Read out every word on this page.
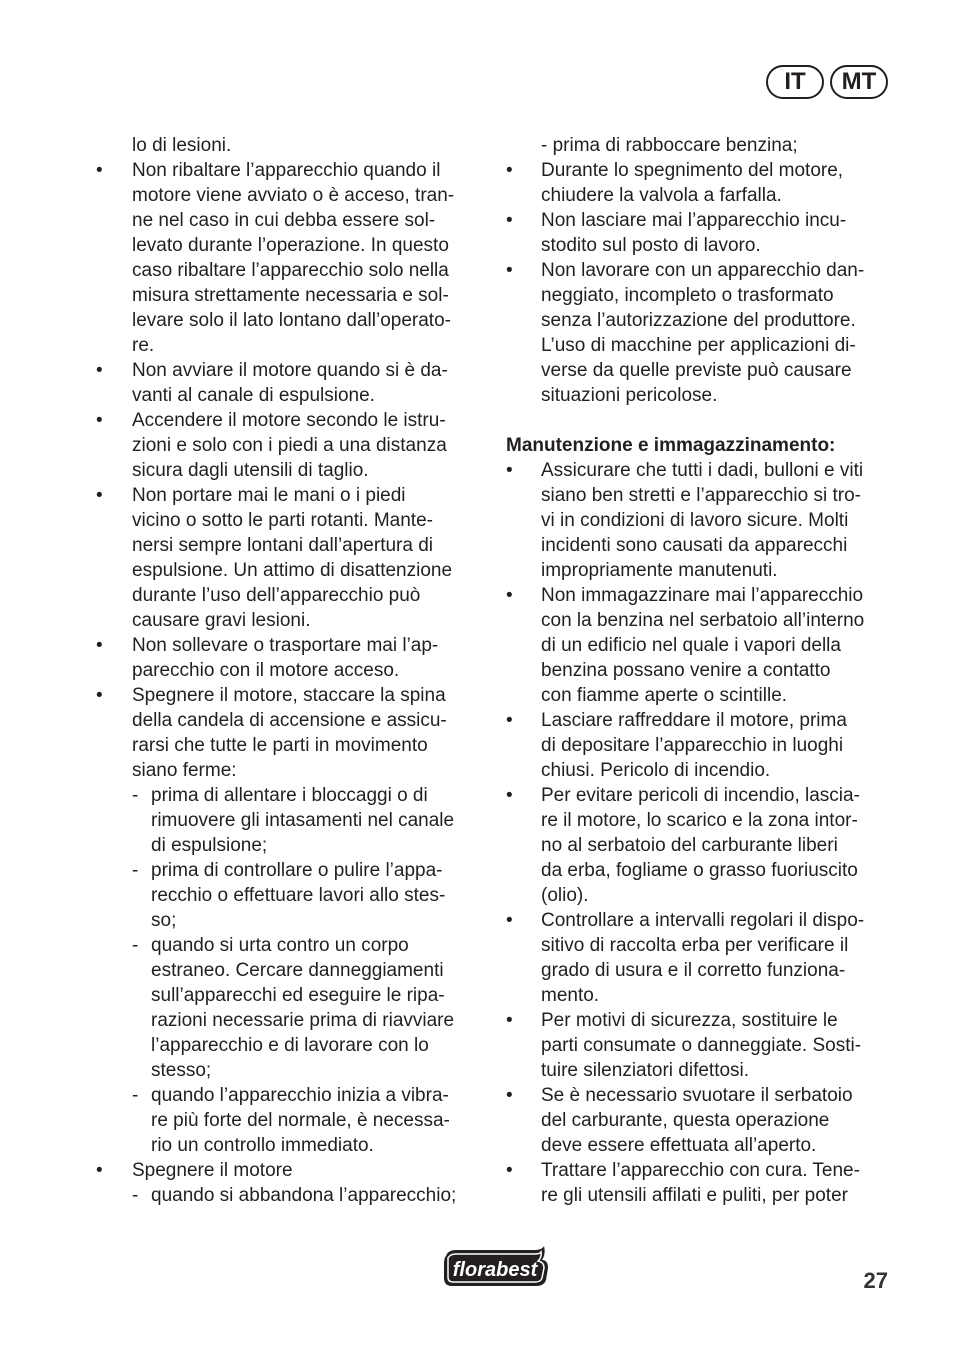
IT	MT
lo di lesioni.
• Non ribaltare l’apparecchio quando il
motore viene avviato o è acceso, tran-
ne nel caso in cui debba essere sol-
levato durante l’operazione. In questo
caso ribaltare l’apparecchio solo nella
misura strettamente necessaria e sol-
levare solo il lato lontano dall’operato-
re.
• Non avviare il motore quando si è da-
vanti al canale di espulsione.
• Accendere il motore secondo le istru-
zioni e solo con i piedi a una distanza
sicura dagli utensili di taglio.
• Non portare mai le mani o i piedi
vicino o sotto le parti rotanti. Mante-
nersi sempre lontani dall’apertura di
espulsione. Un attimo di disattenzione
durante l’uso dell’apparecchio può
causare gravi lesioni.
• Non sollevare o trasportare mai l’ap-
parecchio con il motore acceso.
• Spegnere il motore, staccare la spina
della candela di accensione e assicu-
rarsi che tutte le parti in movimento
siano ferme:
- prima di allentare i bloccaggi o di
rimuovere gli intasamenti nel canale
di espulsione;
- prima di controllare o pulire l’appa-
recchio o effettuare lavori allo stes-
so;
- quando si urta contro un corpo
estraneo. Cercare danneggiamenti
sull’apparecchi ed eseguire le ripa-
razioni necessarie prima di riavviare
l’apparecchio e di lavorare con lo
stesso;
- quando l’apparecchio inizia a vibra-
re più forte del normale, è necessa-
rio un controllo immediato.
• Spegnere il motore
- quando si abbandona l’apparecchio;
- prima di rabboccare benzina;
• Durante lo spegnimento del motore,
chiudere la valvola a farfalla.
• Non lasciare mai l’apparecchio incu-
stodito sul posto di lavoro.
• Non lavorare con un apparecchio dan-
neggiato, incompleto o trasformato
senza l’autorizzazione del produttore.
L’uso di macchine per applicazioni di-
verse da quelle previste può causare
situazioni pericolose.
Manutenzione e immagazzinamento:
• Assicurare che tutti i dadi, bulloni e viti
siano ben stretti e l’apparecchio si tro-
vi in condizioni di lavoro sicure. Molti
incidenti sono causati da apparecchi
impropriamente manutenuti.
• Non immagazzinare mai l’apparecchio
con la benzina nel serbatoio all’interno
di un edificio nel quale i vapori della
benzina possano venire a contatto
con fiamme aperte o scintille.
• Lasciare raffreddare il motore, prima
di depositare l’apparecchio in luoghi
chiusi. Pericolo di incendio.
• Per evitare pericoli di incendio, lascia-
re il motore, lo scarico e la zona intor-
no al serbatoio del carburante liberi
da erba, fogliame o grasso fuoriuscito
(olio).
• Controllare a intervalli regolari il dispo-
sitivo di raccolta erba per verificare il
grado di usura e il corretto funziona-
mento.
• Per motivi di sicurezza, sostituire le
parti consumate o danneggiate. Sosti-
tuire silenziatori difettosi.
• Se è necessario svuotare il serbatoio
del carburante, questa operazione
deve essere effettuata all’aperto.
• Trattare l’apparecchio con cura. Tene-
re gli utensili affilati e puliti, per poter
florabest	27
